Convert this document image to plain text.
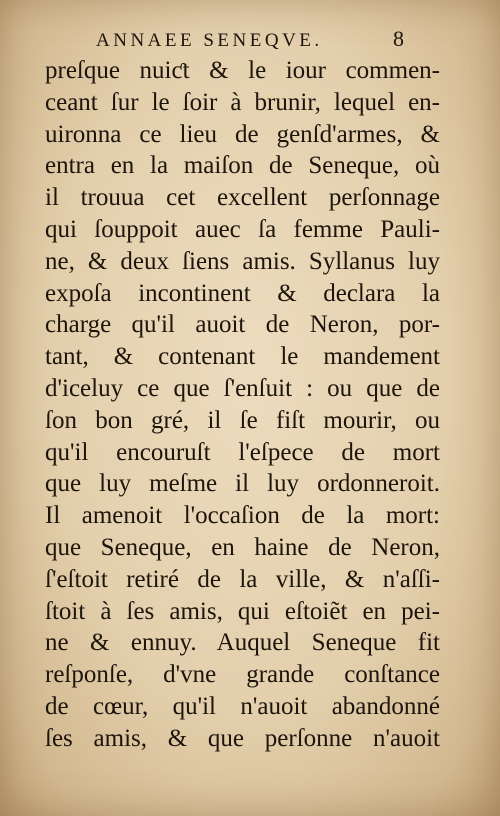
ANNAEE SENEQVE.	8
preſque nuiƈt & le iour commen-
ceant ſur le ſoir à brunir, lequel en-
uironna ce lieu de genſd'armes, &
entra en la maiſon de Seneque, où
il trouua cet excellent perſonnage
qui ſouppoit auec ſa femme Pauli-
ne, & deux ſiens amis. Syllanus luy
expoſa incontinent & declara la
charge qu'il auoit de Neron, por-
tant, & contenant le mandement
d'iceluy ce que ſ'enſuit : ou que de
ſon bon gré, il ſe fiſt mourir, ou
qu'il encouruſt l'eſpece de mort
que luy meſme il luy ordonneroit.
Il amenoit l'occaſion de la mort:
que Seneque, en haine de Neron,
ſ'eſtoit retiré de la ville, & n'aſſi-
ſtoit à ſes amis, qui eſtoiẽt en pei-
ne & ennuy. Auquel Seneque fit
reſponſe, d'vne grande conſtance
de cœur, qu'il n'auoit abandonné
ſes amis, & que perſonne n'auoit
